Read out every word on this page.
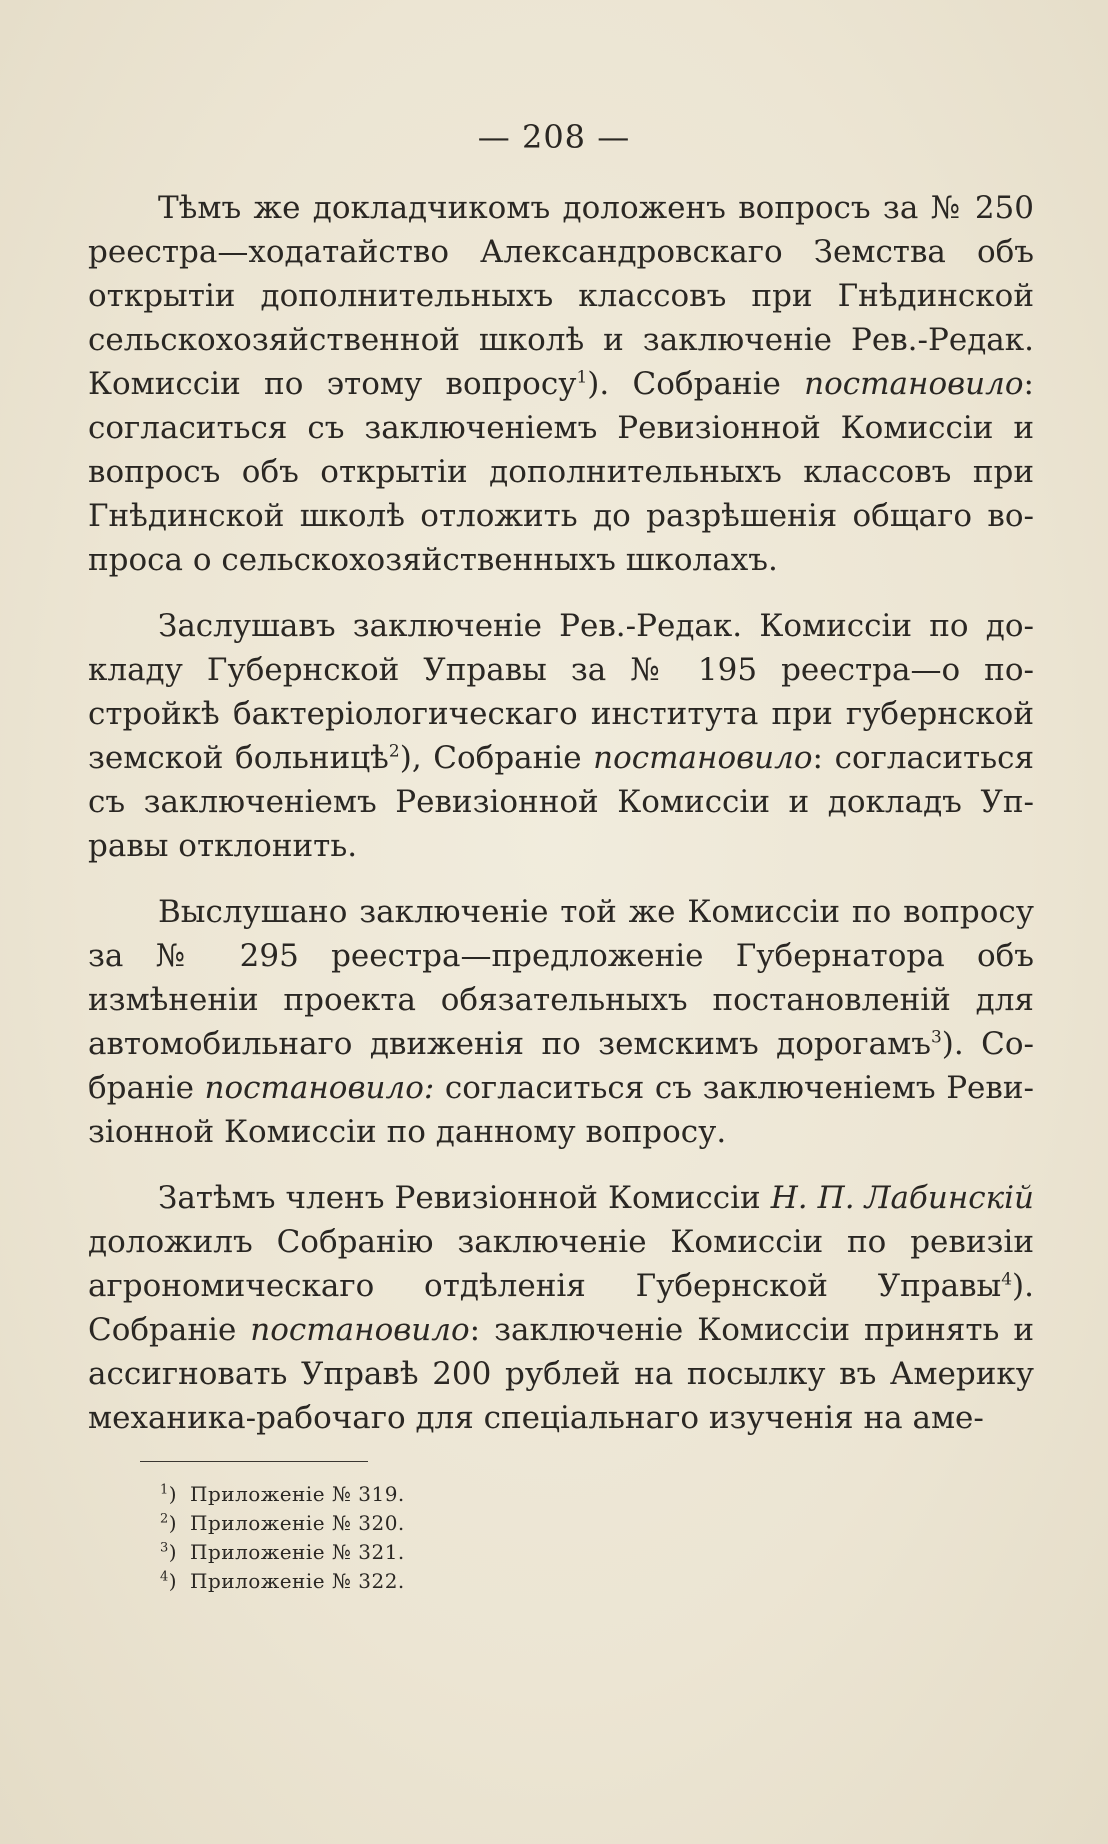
— 208 —

Тѣмъ же докладчикомъ доложенъ вопросъ за № 250 реестра—ходатайство Александровскаго Земства объ открытіи дополнительныхъ классовъ при Гнѣдинской сельскохозяйственной школѣ и заключеніе Рев.-Редак. Комиссіи по этому вопросу$^1$). Собраніе постановило: согласиться съ заключеніемъ Ревизіонной Комиссіи и вопросъ объ открытіи дополнительныхъ классовъ при Гнѣдинской школѣ отложить до разрѣшенія общаго вопроса о сельскохозяйственныхъ школахъ.

Заслушавъ заключеніе Рев.-Редак. Комиссіи по докладу Губернской Управы за № 195 реестра—о постройкѣ бактеріологическаго института при губернской земской больницѣ$^2$), Собраніе постановило: согласиться съ заключеніемъ Ревизіонной Комиссіи и докладъ Управы отклонить.

Выслушано заключеніе той же Комиссіи по вопросу за № 295 реестра—предложеніе Губернатора объ измѣненіи проекта обязательныхъ постановленій для автомобильнаго движенія по земскимъ дорогамъ$^3$). Собраніе постановило: согласиться съ заключеніемъ Ревизіонной Комиссіи по данному вопросу.

Затѣмъ членъ Ревизіонной Комиссіи Н. П. Лабинскій доложилъ Собранію заключеніе Комиссіи по ревизіи агрономическаго отдѣленія Губернской Управы$^4$). Собраніе постановило: заключеніе Комиссіи принять и ассигновать Управѣ 200 рублей на посылку въ Америку механика-рабочаго для спеціальнаго изученія на аме-

$^1$) Приложеніе № 319.
$^2$) Приложеніе № 320.
$^3$) Приложеніе № 321.
$^4$) Приложеніе № 322.
